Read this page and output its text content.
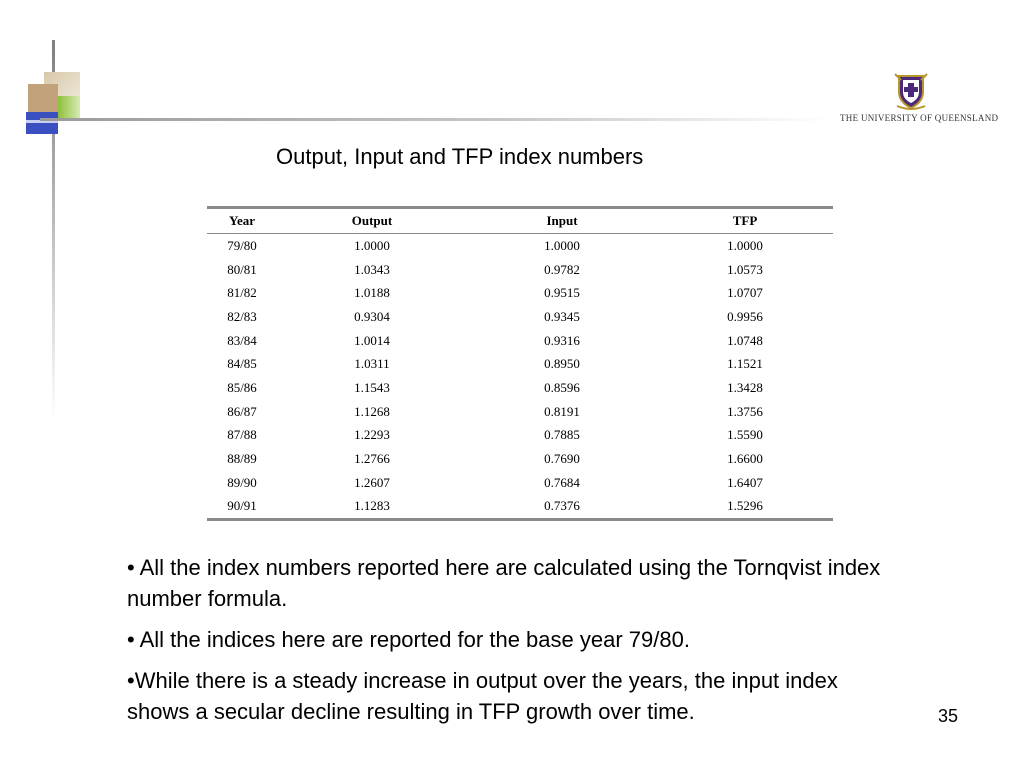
THE UNIVERSITY OF QUEENSLAND
Output, Input and TFP index numbers
Year	Output	Input	TFP
79/80	1.0000	1.0000	1.0000
80/81	1.0343	0.9782	1.0573
81/82	1.0188	0.9515	1.0707
82/83	0.9304	0.9345	0.9956
83/84	1.0014	0.9316	1.0748
84/85	1.0311	0.8950	1.1521
85/86	1.1543	0.8596	1.3428
86/87	1.1268	0.8191	1.3756
87/88	1.2293	0.7885	1.5590
88/89	1.2766	0.7690	1.6600
89/90	1.2607	0.7684	1.6407
90/91	1.1283	0.7376	1.5296

• All the index numbers reported here are calculated using the Tornqvist index number formula.

• All the indices here are reported for the base year 79/80.

•While there is a steady increase in output over the years, the input index shows a secular decline resulting in TFP growth over time.	35
